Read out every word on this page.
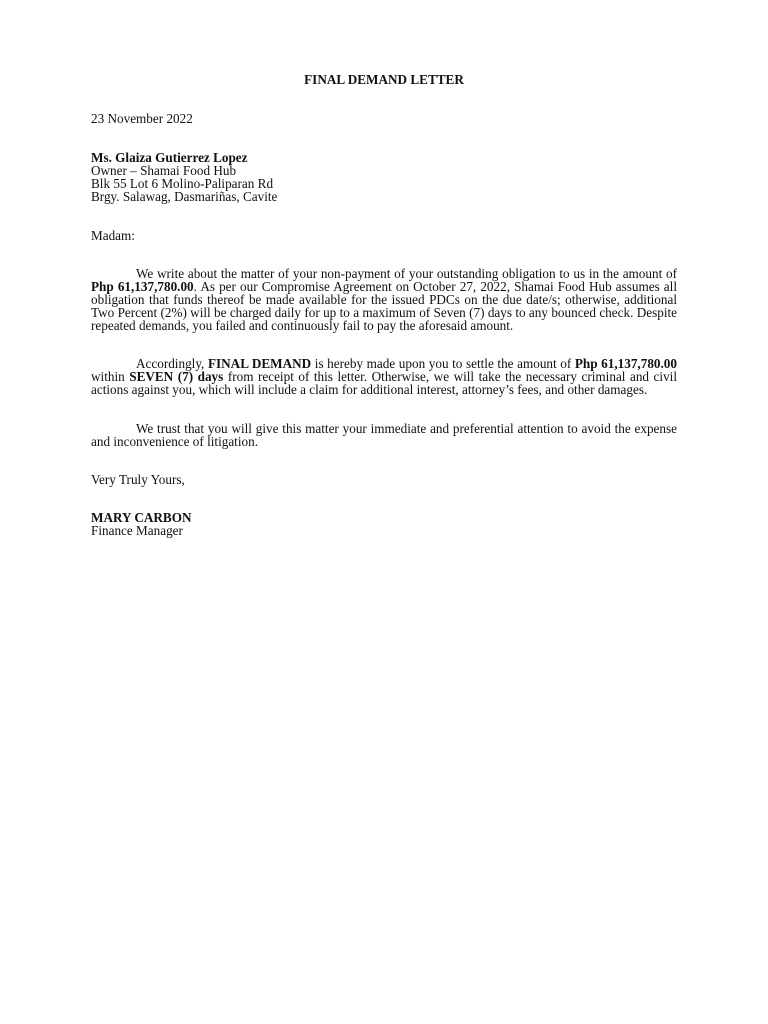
FINAL DEMAND LETTER
23 November 2022
Ms. Glaiza Gutierrez Lopez
Owner – Shamai Food Hub
Blk 55 Lot 6 Molino-Paliparan Rd
Brgy. Salawag, Dasmariñas, Cavite
Madam:
We write about the matter of your non-payment of your outstanding obligation to us in the amount of Php 61,137,780.00. As per our Compromise Agreement on October 27, 2022, Shamai Food Hub assumes all obligation that funds thereof be made available for the issued PDCs on the due date/s; otherwise, additional Two Percent (2%) will be charged daily for up to a maximum of Seven (7) days to any bounced check. Despite repeated demands, you failed and continuously fail to pay the aforesaid amount.
Accordingly, FINAL DEMAND is hereby made upon you to settle the amount of Php 61,137,780.00 within SEVEN (7) days from receipt of this letter. Otherwise, we will take the necessary criminal and civil actions against you, which will include a claim for additional interest, attorney’s fees, and other damages.
We trust that you will give this matter your immediate and preferential attention to avoid the expense and inconvenience of litigation.
Very Truly Yours,
MARY CARBON
Finance Manager
